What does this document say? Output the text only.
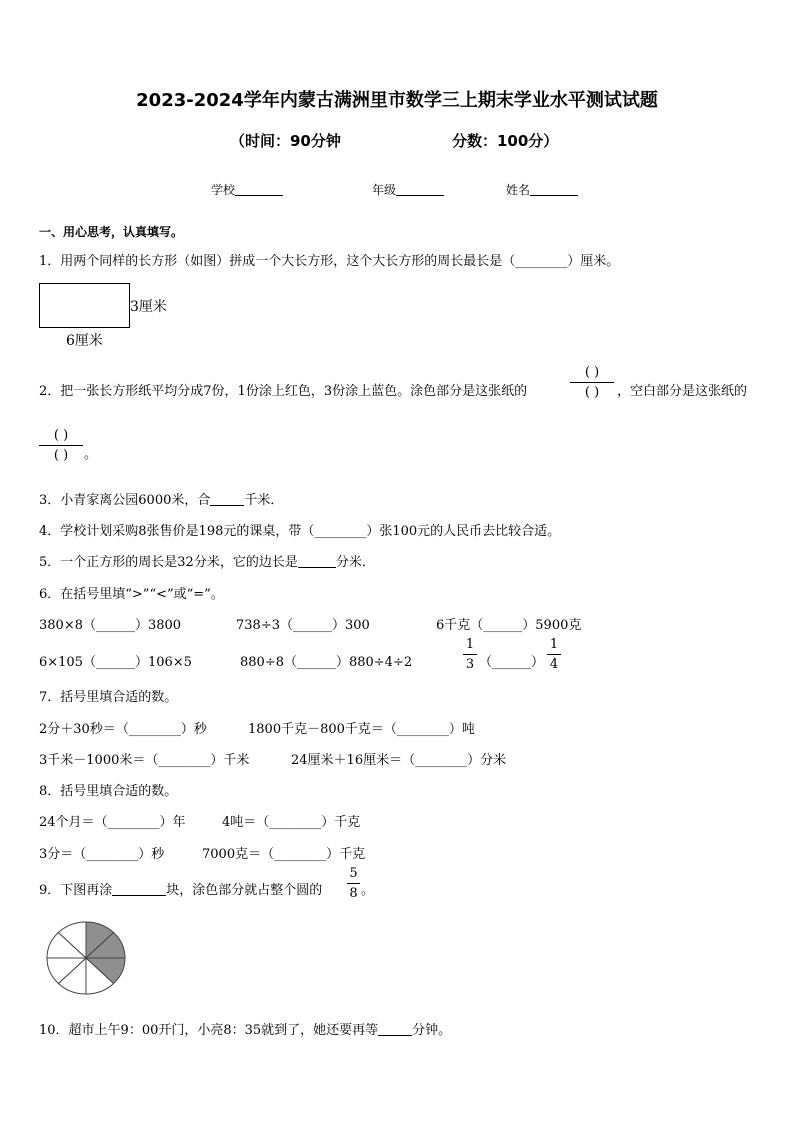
2023-2024学年内蒙古满洲里市数学三上期末学业水平测试试题
（时间：90分钟	分数：100分）
学校	年级	姓名
一、用心思考，认真填写。
1．用两个同样的长方形（如图）拼成一个大长方形，这个大长方形的周长最长是（________）厘米。
3厘米
6厘米
2．把一张长方形纸平均分成7份，1份涂上红色，3份涂上蓝色。涂色部分是这张纸的
( )
( )	，空白部分是这张纸的
( )
( )	。
3．小青家离公园6000米，合	千米．
4．学校计划采购8张售价是198元的课桌，带（________）张100元的人民币去比较合适。
5．一个正方形的周长是32分米，它的边长是	分米．
6．在括号里填“>”“<”或“=”。
380×8（______）3800	738÷3（______）300	6千克（______）5900克
6×105（______）106×5	880÷8（______）880÷4÷2
1
3 （______）
1
4
7．括号里填合适的数。
2分＋30秒＝（________）秒	1800千克－800千克＝（________）吨
3千米－1000米＝（________）千米	24厘米＋16厘米＝（________）分米
8．括号里填合适的数。
24个月＝（________）年	4吨＝（________）千克
3分＝（________）秒	7000克＝（________）千克
9．下图再涂	块，涂色部分就占整个圆的
5
8 。
10．超市上午9：00开门，小亮8：35就到了，她还要再等	分钟。
